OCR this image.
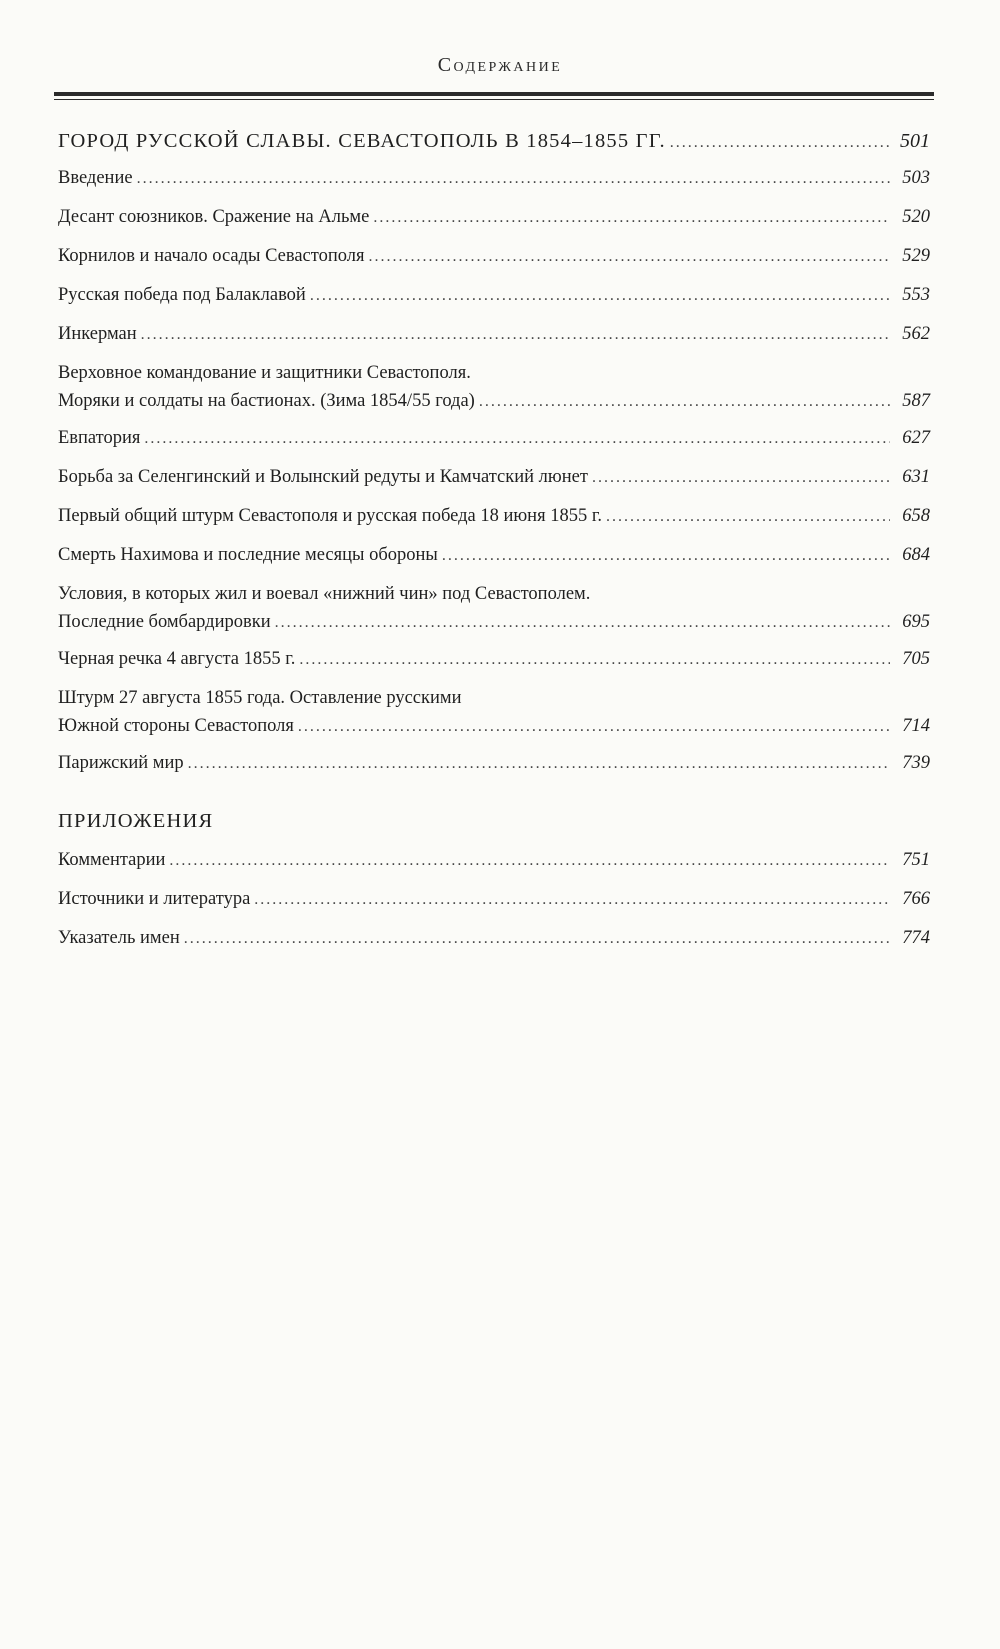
Содержание
ГОРОД РУССКОЙ СЛАВЫ. СЕВАСТОПОЛЬ В 1854–1855 ГГ. .....	501
Введение .....	503
Десант союзников. Сражение на Альме .....	520
Корнилов и начало осады Севастополя .....	529
Русская победа под Балаклавой .....	553
Инкерман .....	562
Верховное командование и защитники Севастополя.
Моряки и солдаты на бастионах. (Зима 1854/55 года) .....	587
Евпатория .....	627
Борьба за Селенгинский и Волынский редуты и Камчатский люнет .....	631
Первый общий штурм Севастополя и русская победа 18 июня 1855 г. .....	658
Смерть Нахимова и последние месяцы обороны .....	684
Условия, в которых жил и воевал «нижний чин» под Севастополем.
Последние бомбардировки .....	695
Черная речка 4 августа 1855 г. .....	705
Штурм 27 августа 1855 года. Оставление русскими
Южной стороны Севастополя .....	714
Парижский мир .....	739
ПРИЛОЖЕНИЯ
Комментарии .....	751
Источники и литература .....	766
Указатель имен .....	774
